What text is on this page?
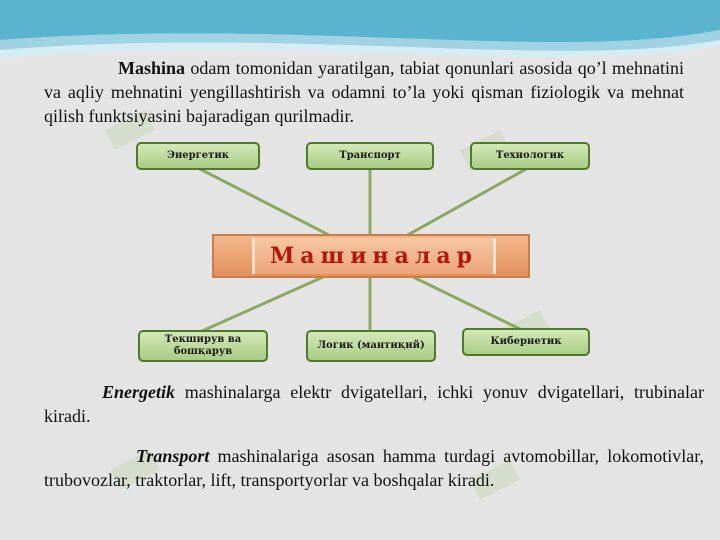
Mashina odam tomonidan yaratilgan, tabiat qonunlari asosida qo’l mehnatini va aqliy mehnatini yengillashtirish va odamni to’la yoki qisman fiziologik va mehnat qilish funktsiyasini bajaradigan qurilmadir.
Энергетик	Транспорт	Технологик
Машиналар
Текширув ва бошқарув
Логик (мантиқий)	Кибернетик
Energetik mashinalarga elektr dvigatellari, ichki yonuv dvigatellari, trubinalar kiradi.
Transport mashinalariga asosan hamma turdagi avtomobillar, lokomotivlar, trubovozlar, traktorlar, lift, transportyorlar va boshqalar kiradi.
